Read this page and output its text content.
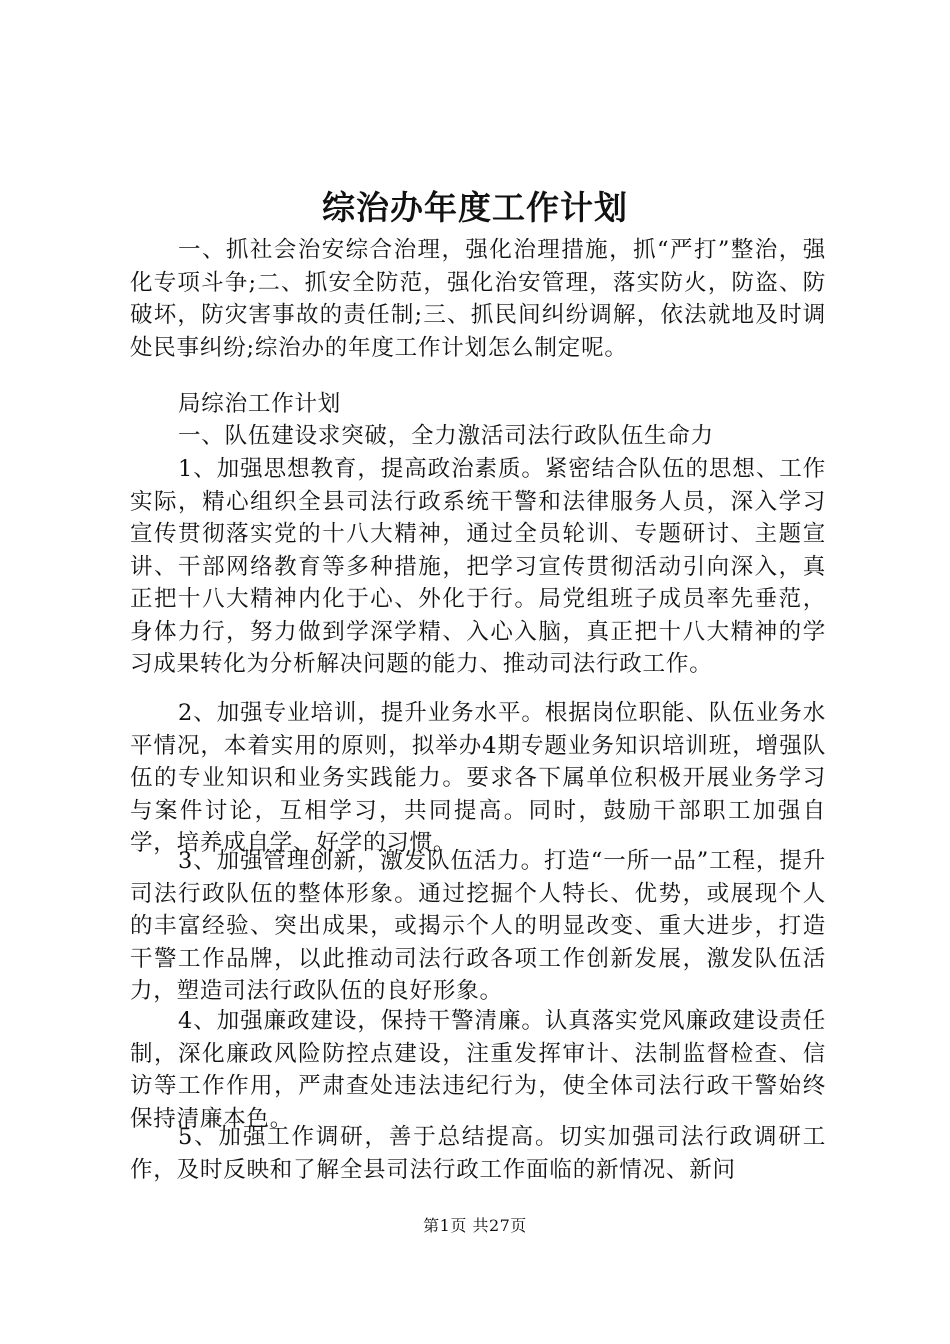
综治办年度工作计划

一、抓社会治安综合治理，强化治理措施，抓“严打”整治，强化专项斗争;二、抓安全防范，强化治安管理，落实防火，防盗、防破坏，防灾害事故的责任制;三、抓民间纠纷调解，依法就地及时调处民事纠纷;综治办的年度工作计划怎么制定呢。

局综治工作计划

一、队伍建设求突破，全力激活司法行政队伍生命力

1、加强思想教育，提高政治素质。紧密结合队伍的思想、工作实际，精心组织全县司法行政系统干警和法律服务人员，深入学习宣传贯彻落实党的十八大精神，通过全员轮训、专题研讨、主题宣讲、干部网络教育等多种措施，把学习宣传贯彻活动引向深入，真正把十八大精神内化于心、外化于行。局党组班子成员率先垂范，身体力行，努力做到学深学精、入心入脑，真正把十八大精神的学习成果转化为分析解决问题的能力、推动司法行政工作。

2、加强专业培训，提升业务水平。根据岗位职能、队伍业务水平情况，本着实用的原则，拟举办4期专题业务知识培训班，增强队伍的专业知识和业务实践能力。要求各下属单位积极开展业务学习与案件讨论，互相学习，共同提高。同时，鼓励干部职工加强自学，培养成自学、好学的习惯。

3、加强管理创新，激发队伍活力。打造“一所一品”工程，提升司法行政队伍的整体形象。通过挖掘个人特长、优势，或展现个人的丰富经验、突出成果，或揭示个人的明显改变、重大进步，打造干警工作品牌，以此推动司法行政各项工作创新发展，激发队伍活力，塑造司法行政队伍的良好形象。

4、加强廉政建设，保持干警清廉。认真落实党风廉政建设责任制，深化廉政风险防控点建设，注重发挥审计、法制监督检查、信访等工作作用，严肃查处违法违纪行为，使全体司法行政干警始终保持清廉本色。

5、加强工作调研，善于总结提高。切实加强司法行政调研工作，及时反映和了解全县司法行政工作面临的新情况、新问

第1页 共27页
